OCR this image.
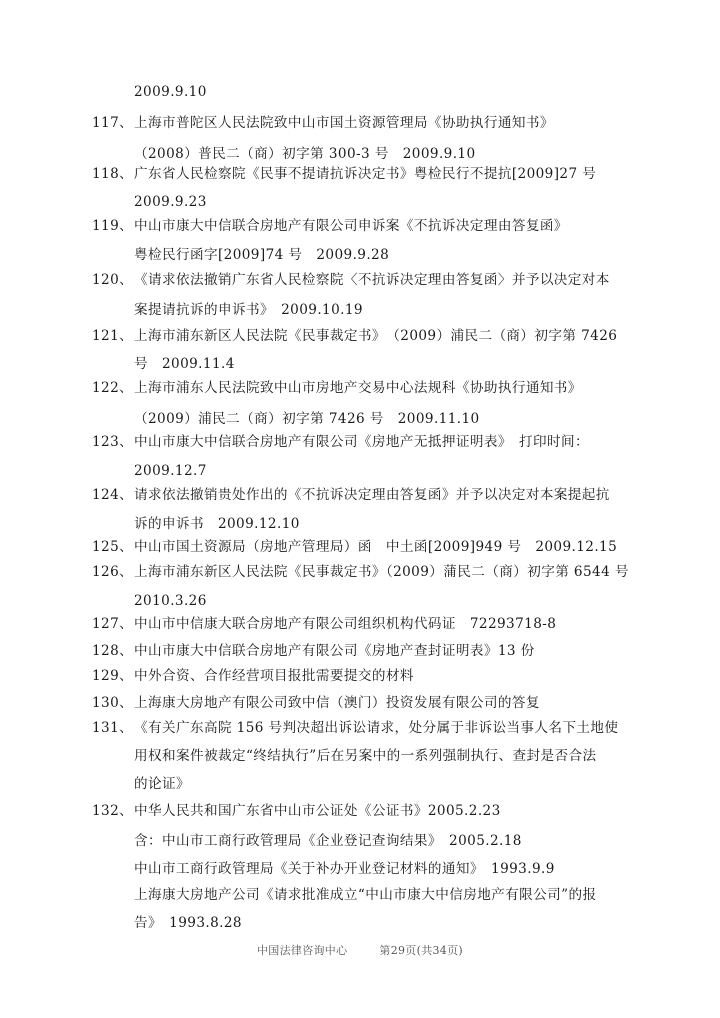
2009.9.10
117、 上海市普陀区人民法院致中山市国土资源管理局《协助执行通知书》
（2008）普民二（商）初字第 300-3 号　2009.9.10
118、 广东省人民检察院《民事不提请抗诉决定书》粤检民行不提抗[2009]27 号
2009.9.23
119、 中山市康大中信联合房地产有限公司申诉案《不抗诉决定理由答复函》
粤检民行函字[2009]74 号　2009.9.28
120、 《请求依法撤销广东省人民检察院〈不抗诉决定理由答复函〉并予以决定对本
案提请抗诉的申诉书》　2009.10.19
121、 上海市浦东新区人民法院《民事裁定书》　（2009）浦民二（商）初字第 7426
号　2009.11.4
122、 上海市浦东人民法院致中山市房地产交易中心法规科《协助执行通知书》
（2009）浦民二（商）初字第 7426 号　2009.11.10
123、 中山市康大中信联合房地产有限公司《房地产无抵押证明表》　打印时间：
2009.12.7
124、 请求依法撤销贵处作出的《不抗诉决定理由答复函》并予以决定对本案提起抗
诉的申诉书　2009.12.10
125、 中山市国土资源局（房地产管理局）函　中土函[2009]949 号　2009.12.15
126、 上海市浦东新区人民法院《民事裁定书》（2009）蒲民二（商）初字第 6544 号
2010.3.26
127、 中山市中信康大联合房地产有限公司组织机构代码证　72293718-8
128、 中山市康大中信联合房地产有限公司《房地产查封证明表》13 份
129、 中外合资、合作经营项目报批需要提交的材料
130、 上海康大房地产有限公司致中信（澳门）投资发展有限公司的答复
131、 《有关广东高院 156 号判决超出诉讼请求，处分属于非诉讼当事人名下土地使
用权和案件被裁定“终结执行”后在另案中的一系列强制执行、查封是否合法
的论证》
132、 中华人民共和国广东省中山市公证处《公证书》2005.2.23
含：中山市工商行政管理局《企业登记查询结果》　2005.2.18
中山市工商行政管理局《关于补办开业登记材料的通知》　1993.9.9
上海康大房地产公司《请求批准成立“中山市康大中信房地产有限公司”的报
告》　1993.8.28
中国法律咨询中心	第29页(共34页)
